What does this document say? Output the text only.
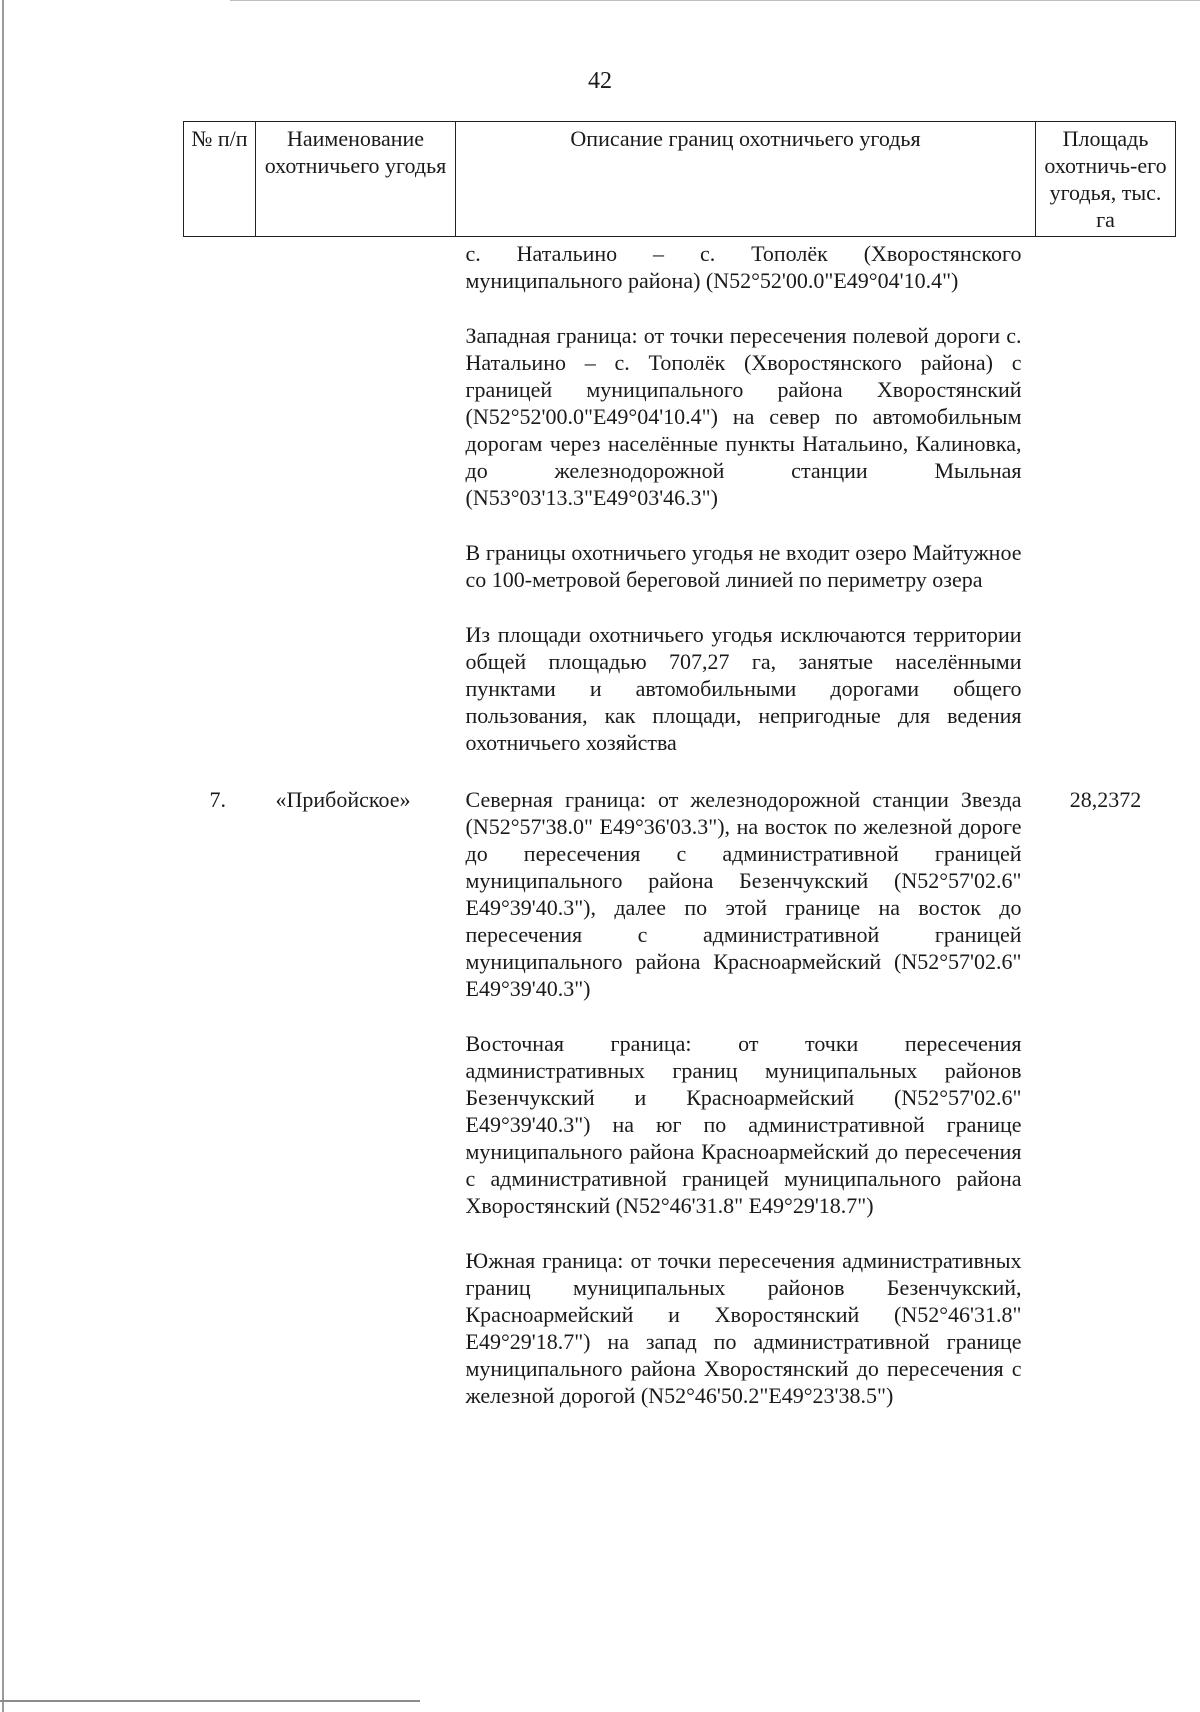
42
№ п/п	Наименование охотничьего угодья	Описание границ охотничьего угодья	Площадь охотничь-его угодья, тыс. га

		с. Натальино – с. Тополёк (Хворостянского муниципального района) (N52°52'00.0"E49°04'10.4")

Западная граница: от точки пересечения полевой дороги с. Натальино – с. Тополёк (Хворостянского района) с границей муниципального района Хворостянский (N52°52'00.0"E49°04'10.4") на север по автомобильным дорогам через населённые пункты Натальино, Калиновка, до железнодорожной станции Мыльная (N53°03'13.3"E49°03'46.3")

В границы охотничьего угодья не входит озеро Майтужное со 100-метровой береговой линией по периметру озера

Из площади охотничьего угодья исключаются территории общей площадью 707,27 га, занятые населёнными пунктами и автомобильными дорогами общего пользования, как площади, непригодные для ведения охотничьего хозяйства	

7.	«Прибойское»	Северная граница: от железнодорожной станции Звезда (N52°57'38.0" E49°36'03.3"), на восток по железной дороге до пересечения с административной границей муниципального района Безенчукский (N52°57'02.6" E49°39'40.3"), далее по этой границе на восток до пересечения с административной границей муниципального района Красноармейский (N52°57'02.6" E49°39'40.3")

Восточная граница: от точки пересечения административных границ муниципальных районов Безенчукский и Красноармейский (N52°57'02.6" E49°39'40.3") на юг по административной границе муниципального района Красноармейский до пересечения с административной границей муниципального района Хворостянский (N52°46'31.8" E49°29'18.7")

Южная граница: от точки пересечения административных границ муниципальных районов Безенчукский, Красноармейский и Хворостянский (N52°46'31.8" E49°29'18.7") на запад по административной границе муниципального района Хворостянский до пересечения с железной дорогой (N52°46'50.2"E49°23'38.5")	28,2372
